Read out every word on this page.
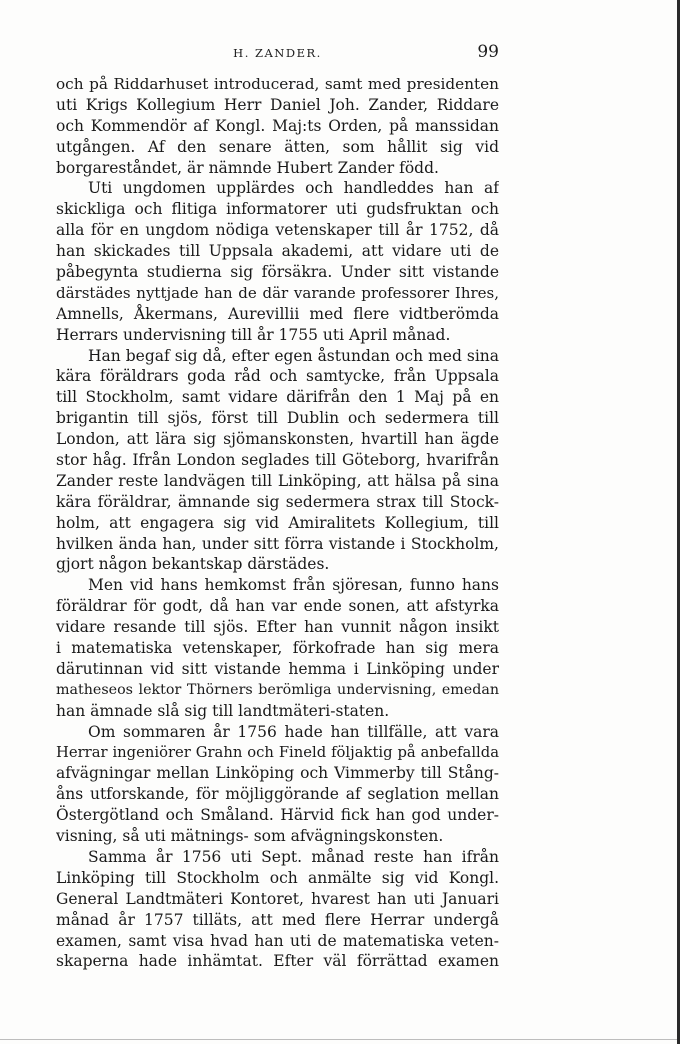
H. ZANDER.	99
och på Riddarhuset introducerad, samt med presidenten
uti Krigs Kollegium Herr Daniel Joh. Zander, Riddare
och Kommendör af Kongl. Maj:ts Orden, på manssidan
utgången. Af den senare ätten, som hållit sig vid
borgareståndet, är nämnde Hubert Zander född.
Uti ungdomen upplärdes och handleddes han af
skickliga och flitiga informatorer uti gudsfruktan och
alla för en ungdom nödiga vetenskaper till år 1752, då
han skickades till Uppsala akademi, att vidare uti de
påbegynta studierna sig försäkra. Under sitt vistande
därstädes nyttjade han de där varande professorer Ihres,
Amnells, Åkermans, Aurevillii med flere vidtberömda
Herrars undervisning till år 1755 uti April månad.
Han begaf sig då, efter egen åstundan och med sina
kära föräldrars goda råd och samtycke, från Uppsala
till Stockholm, samt vidare därifrån den 1 Maj på en
brigantin till sjös, först till Dublin och sedermera till
London, att lära sig sjömanskonsten, hvartill han ägde
stor håg. Ifrån London seglades till Göteborg, hvarifrån
Zander reste landvägen till Linköping, att hälsa på sina
kära föräldrar, ämnande sig sedermera strax till Stock-
holm, att engagera sig vid Amiralitets Kollegium, till
hvilken ända han, under sitt förra vistande i Stockholm,
gjort någon bekantskap därstädes.
Men vid hans hemkomst från sjöresan, funno hans
föräldrar för godt, då han var ende sonen, att afstyrka
vidare resande till sjös. Efter han vunnit någon insikt
i matematiska vetenskaper, förkofrade han sig mera
därutinnan vid sitt vistande hemma i Linköping under
matheseos lektor Thörners berömliga undervisning, emedan
han ämnade slå sig till landtmäteri-staten.
Om sommaren år 1756 hade han tillfälle, att vara
Herrar ingeniörer Grahn och Fineld följaktig på anbefallda
afvägningar mellan Linköping och Vimmerby till Stång-
åns utforskande, för möjliggörande af seglation mellan
Östergötland och Småland. Härvid fick han god under-
visning, så uti mätnings- som afvägningskonsten.
Samma år 1756 uti Sept. månad reste han ifrån
Linköping till Stockholm och anmälte sig vid Kongl.
General Landtmäteri Kontoret, hvarest han uti Januari
månad år 1757 tilläts, att med flere Herrar undergå
examen, samt visa hvad han uti de matematiska veten-
skaperna hade inhämtat. Efter väl förrättad examen
